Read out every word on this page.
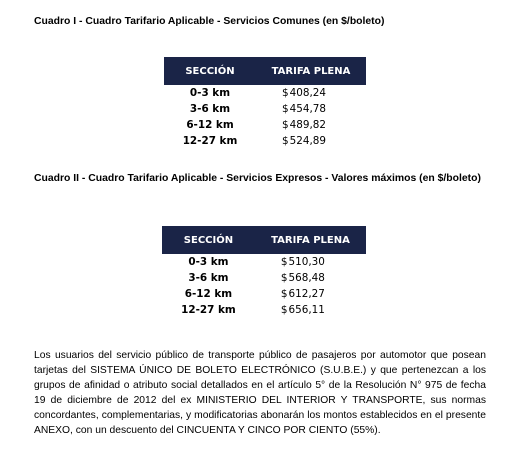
Cuadro I - Cuadro Tarifario Aplicable - Servicios Comunes (en $/boleto)

SECCIÓN	TARIFA PLENA
0-3 km	$408,24
3-6 km	$454,78
6-12 km	$489,82
12-27 km	$524,89

Cuadro II - Cuadro Tarifario Aplicable - Servicios Expresos - Valores máximos (en $/boleto)

SECCIÓN	TARIFA PLENA
0-3 km	$510,30
3-6 km	$568,48
6-12 km	$612,27
12-27 km	$656,11

Los usuarios del servicio público de transporte público de pasajeros por automotor que posean tarjetas del SISTEMA ÚNICO DE BOLETO ELECTRÓNICO (S.U.B.E.) y que pertenezcan a los grupos de afinidad o atributo social detallados en el artículo 5° de la Resolución N° 975 de fecha 19 de diciembre de 2012 del ex MINISTERIO DEL INTERIOR Y TRANSPORTE, sus normas concordantes, complementarias, y modificatorias abonarán los montos establecidos en el presente ANEXO, con un descuento del CINCUENTA Y CINCO POR CIENTO (55%).
